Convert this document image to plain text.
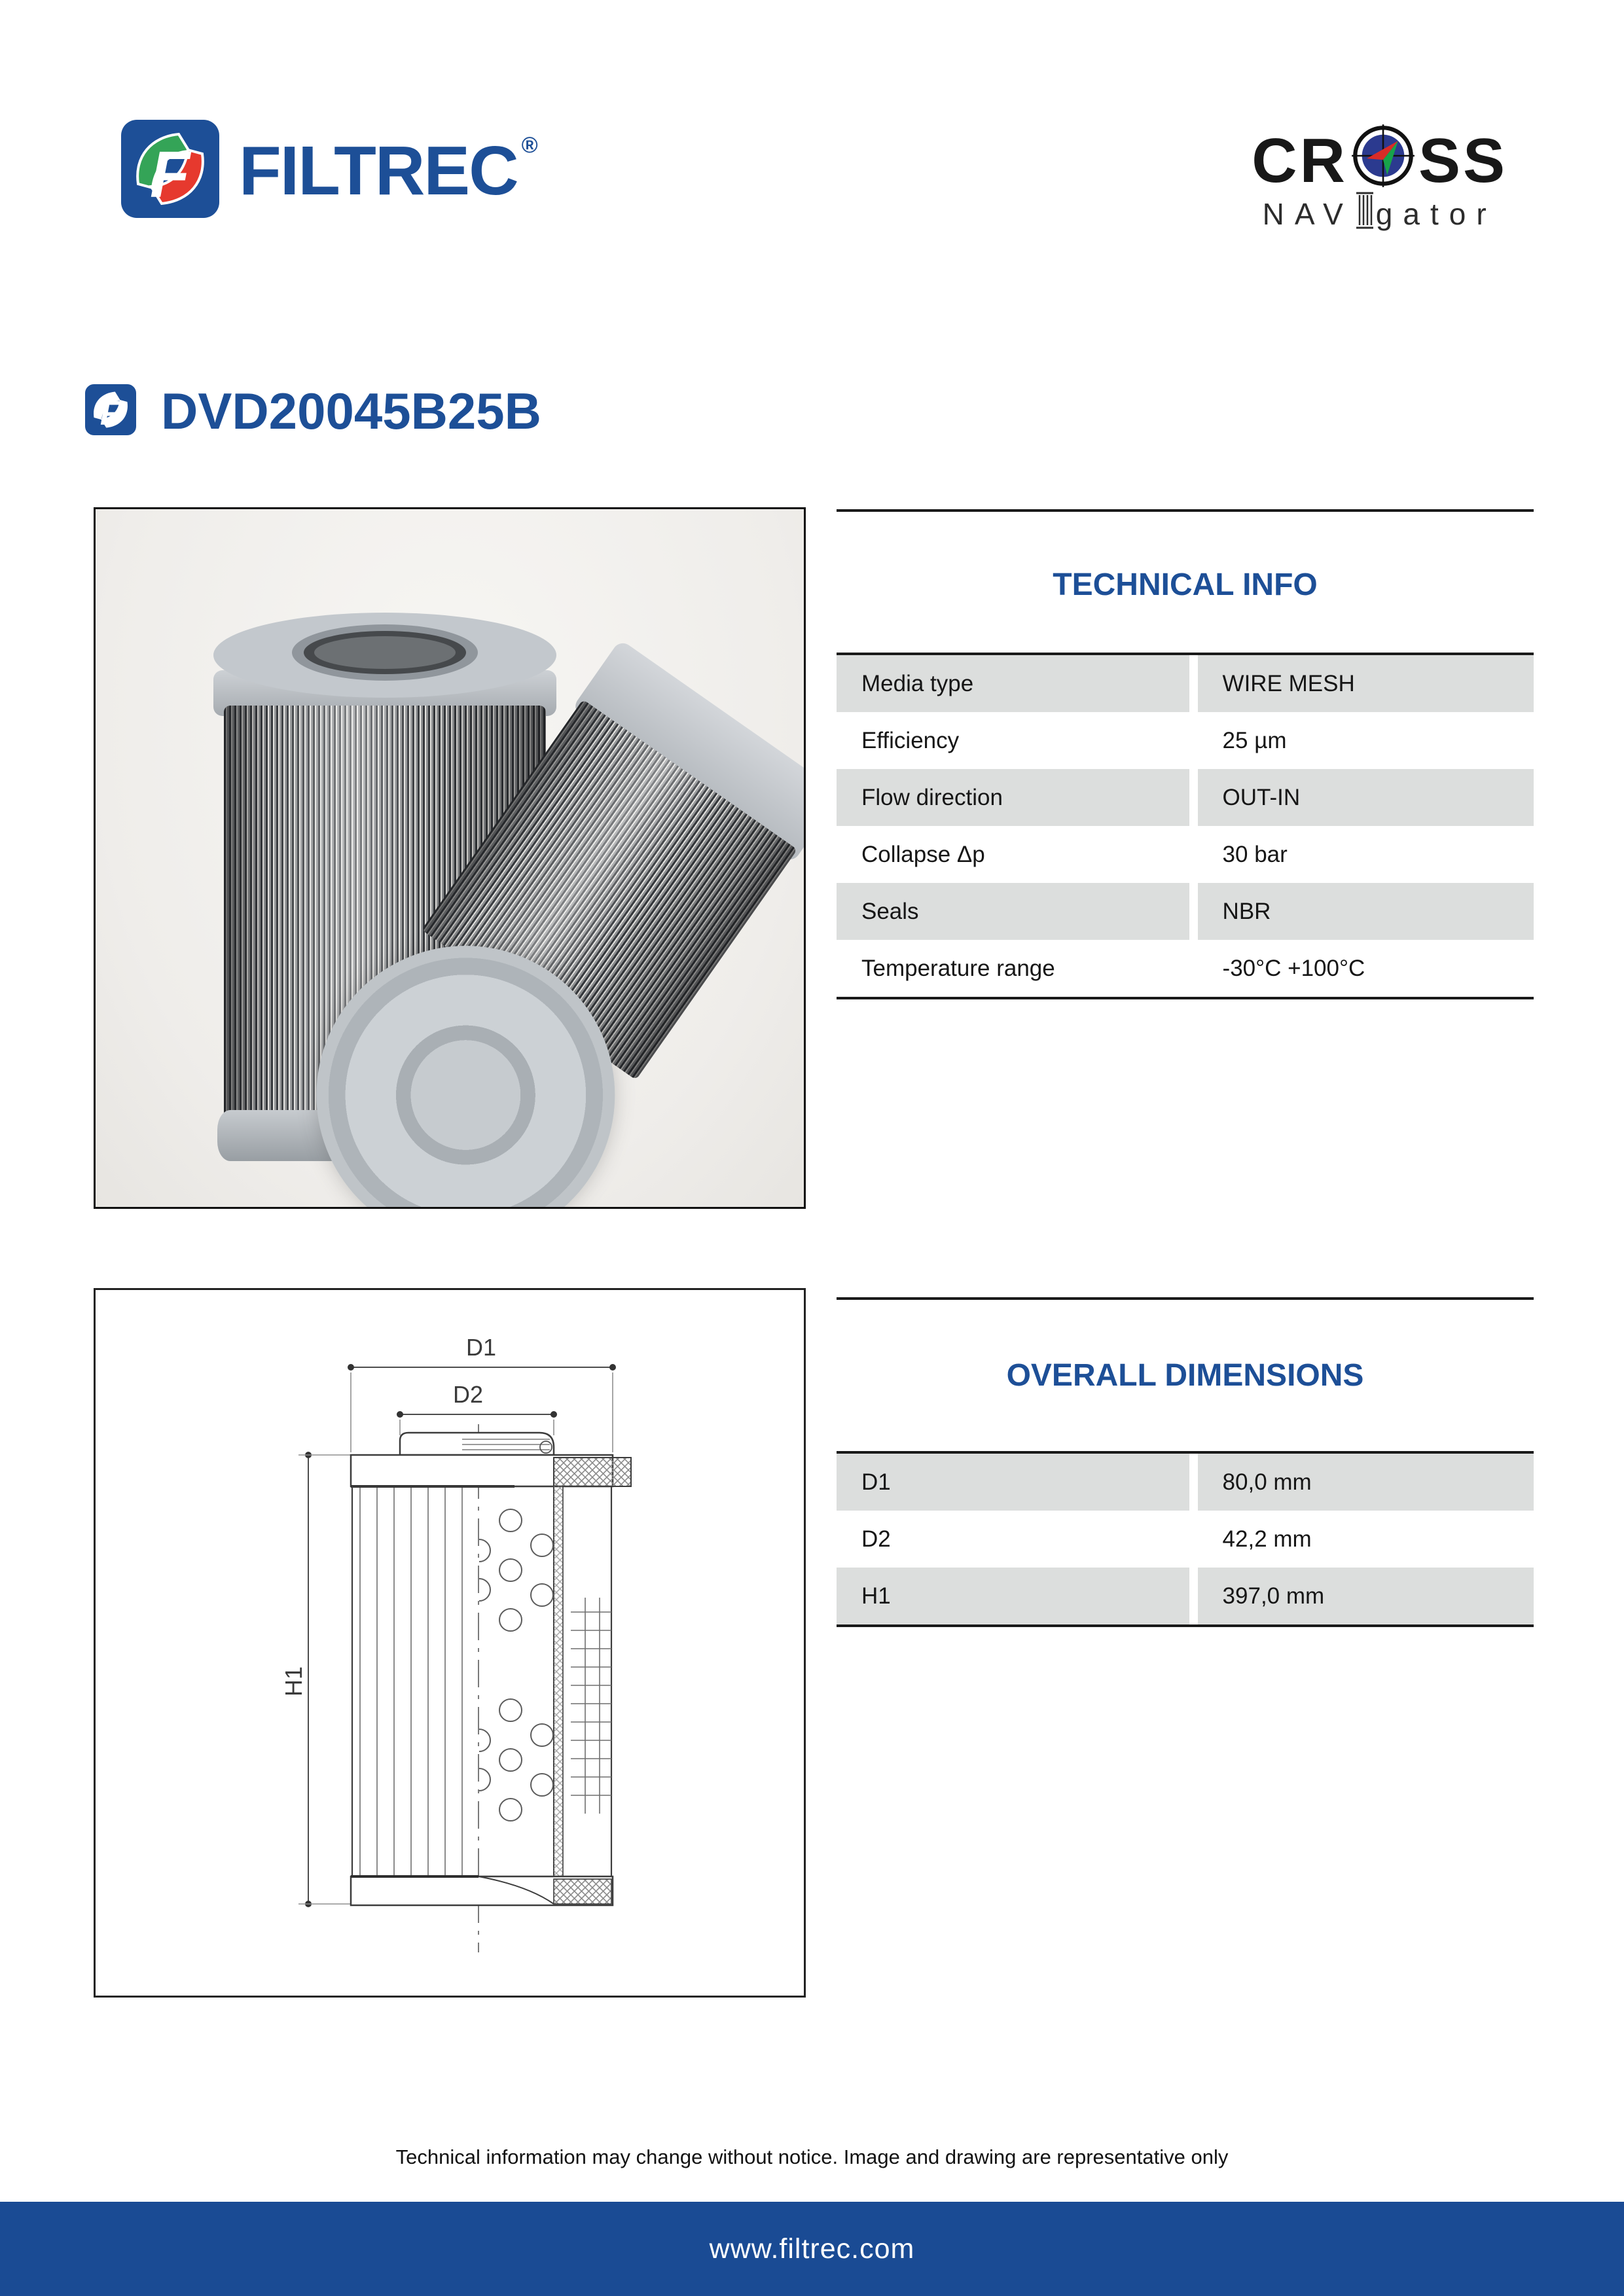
F FILTREC ®	CR SS
NAV gator
F DVD20045B25B
TECHNICAL INFO
Media type	WIRE MESH
Efficiency	25 µm
Flow direction	OUT-IN
Collapse Δp	30 bar
Seals	NBR
Temperature range	-30°C +100°C
D1
D2
H1
OVERALL DIMENSIONS
D1	80,0 mm
D2	42,2 mm
H1	397,0 mm
Technical information may change without notice. Image and drawing are representative only
www.filtrec.com
